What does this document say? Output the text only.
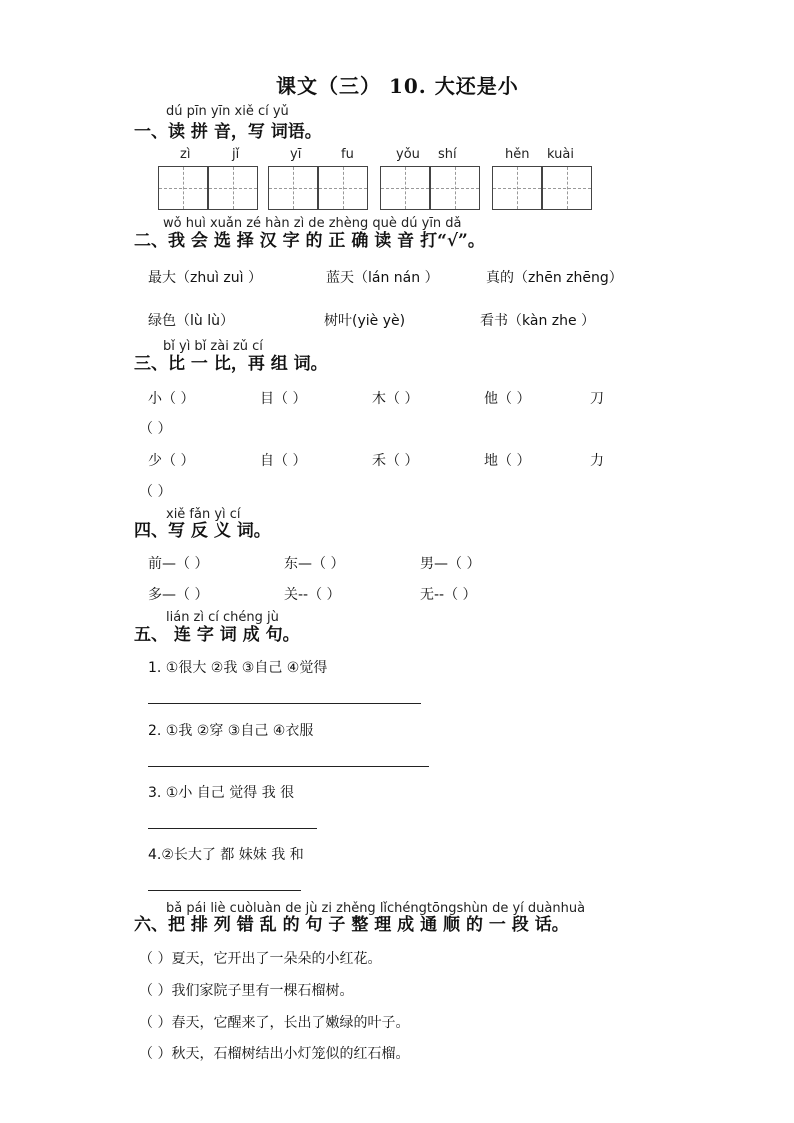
课文（三） 10. 大还是小
dú pīn yīn xiě cí yǔ
一、读 拼 音，写 词语。
zì	jǐ	yī	fu	yǒu shí	hěn kuài
wǒ huì xuǎn zé hàn zì de zhèng què dú yīn dǎ
二、我 会 选 择 汉 字 的 正 确 读 音 打“√”。
最大（zhuì zuì ）	蓝天（lán nán ）	真的（zhēn zhēng）
绿色（lù lù）	树叶(yiè yè)	看书（kàn zhe ）
bǐ yì bǐ zài zǔ cí
三、比 一 比，再 组 词。
小（ ）	目（ ）	木（ ）	他（ ）	刀
（ ）
少（ ）	自（ ）	禾（ ）	地（ ）	力
（ ）
xiě fǎn yì cí
四、写 反 义 词。
前—（ ）	东—（ ）	男—（ ）
多—（ ）	关--（ ）	无--（ ）
lián zì cí chéng jù
五、 连 字 词 成 句。
1. ①很大 ②我 ③自己 ④觉得
2. ①我 ②穿 ③自己 ④衣服
3. ①小 自己 觉得 我 很
4.②长大了 都 妹妹 我 和
bǎ pái liè cuòluàn de jù zi zhěng lǐchéngtōngshùn de yí duànhuà
六、把 排 列 错 乱 的 句 子 整 理 成 通 顺 的 一 段 话。
（ ）夏天，它开出了一朵朵的小红花。
（ ）我们家院子里有一棵石榴树。
（ ）春天，它醒来了，长出了嫩绿的叶子。
（ ）秋天，石榴树结出小灯笼似的红石榴。
